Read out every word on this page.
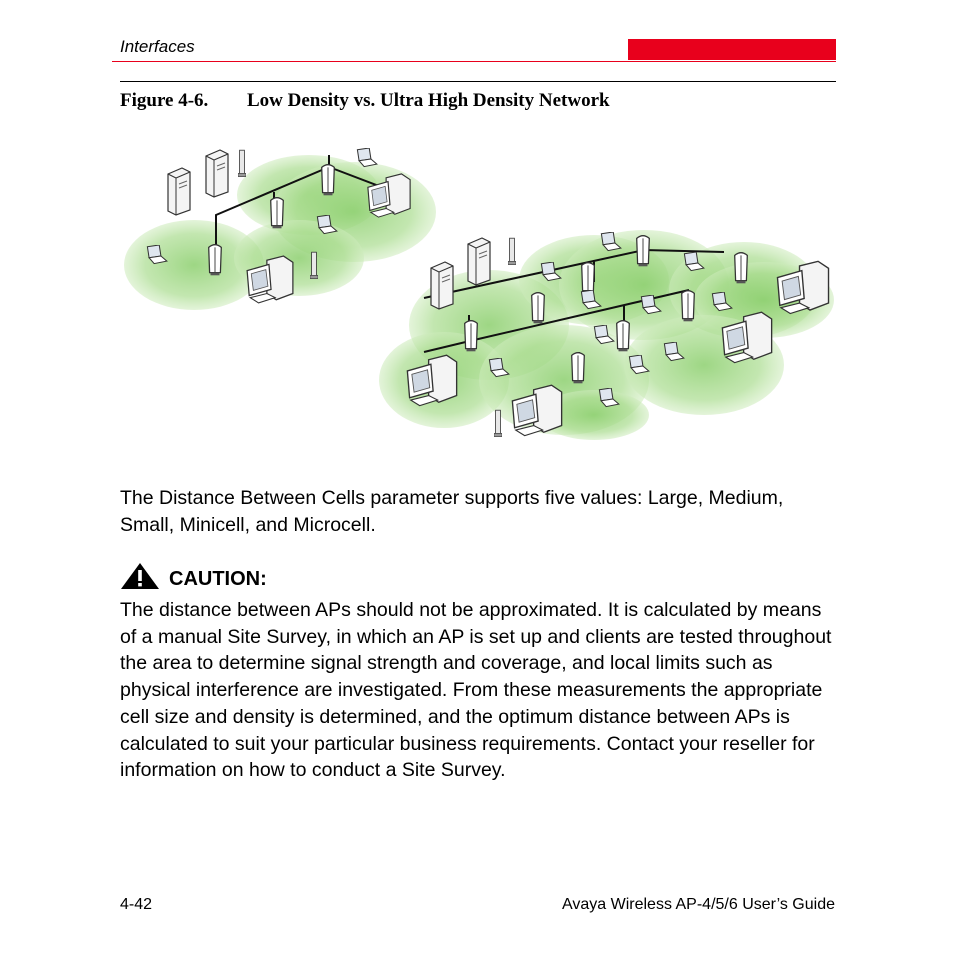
Interfaces
Figure 4-6. Low Density vs. Ultra High Density Network
The Distance Between Cells parameter supports five values: Large, Medium, Small, Minicell, and Microcell.
CAUTION:
The distance between APs should not be approximated. It is calculated by means of a manual Site Survey, in which an AP is set up and clients are tested throughout the area to determine signal strength and coverage, and local limits such as physical interference are investigated. From these measurements the appropriate cell size and density is determined, and the optimum distance between APs is calculated to suit your particular business requirements. Contact your reseller for information on how to conduct a Site Survey.
4-42	Avaya Wireless AP-4/5/6 User’s Guide
